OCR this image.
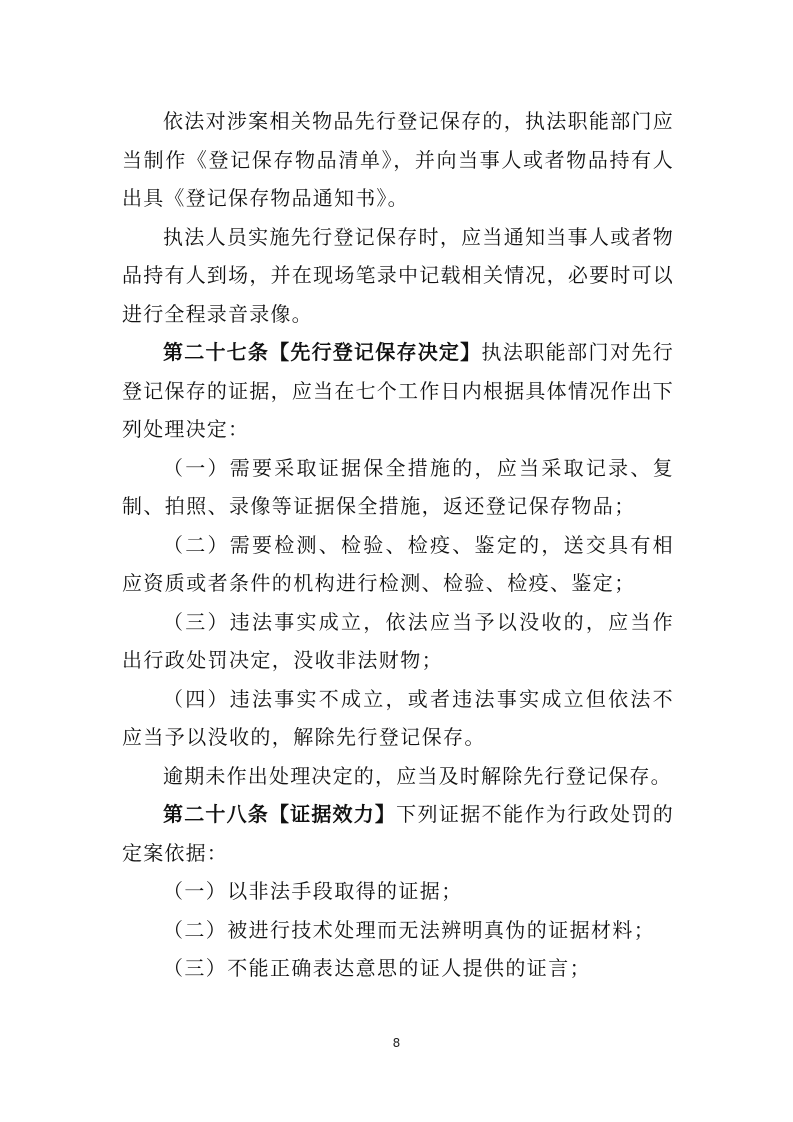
依法对涉案相关物品先行登记保存的，执法职能部门应当制作《登记保存物品清单》，并向当事人或者物品持有人出具《登记保存物品通知书》。

执法人员实施先行登记保存时，应当通知当事人或者物品持有人到场，并在现场笔录中记载相关情况，必要时可以进行全程录音录像。

第二十七条【先行登记保存决定】执法职能部门对先行登记保存的证据，应当在七个工作日内根据具体情况作出下列处理决定：

（一）需要采取证据保全措施的，应当采取记录、复制、拍照、录像等证据保全措施，返还登记保存物品；

（二）需要检测、检验、检疫、鉴定的，送交具有相应资质或者条件的机构进行检测、检验、检疫、鉴定；

（三）违法事实成立，依法应当予以没收的，应当作出行政处罚决定，没收非法财物；

（四）违法事实不成立，或者违法事实成立但依法不应当予以没收的，解除先行登记保存。

逾期未作出处理决定的，应当及时解除先行登记保存。

第二十八条【证据效力】下列证据不能作为行政处罚的定案依据：

（一）以非法手段取得的证据；

（二）被进行技术处理而无法辨明真伪的证据材料；

（三）不能正确表达意思的证人提供的证言；

8
